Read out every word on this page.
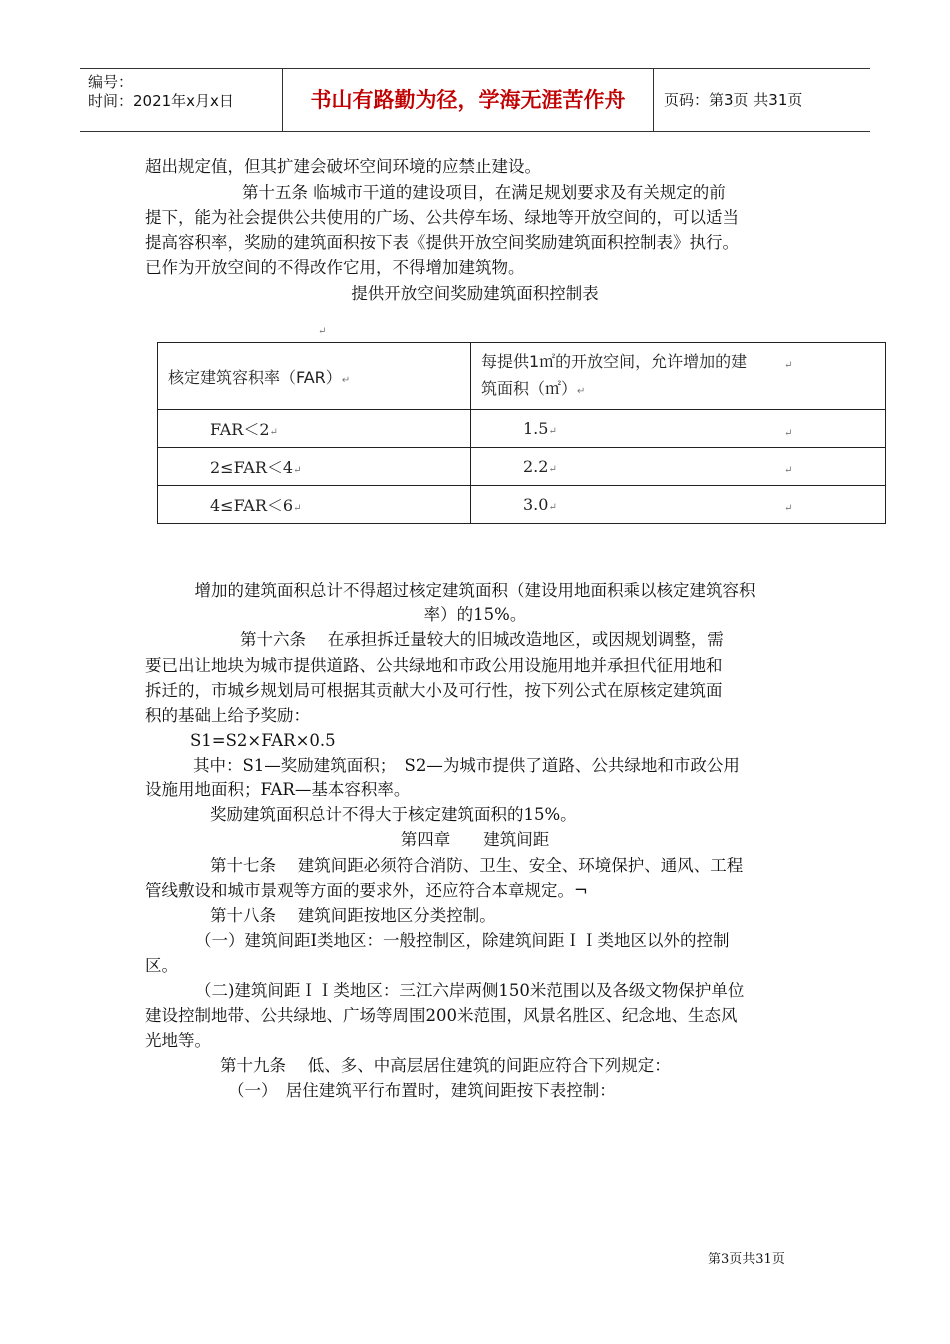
编号：
时间：2021年x月x日	书山有路勤为径，学海无涯苦作舟	页码：第3页 共31页
超出规定值，但其扩建会破坏空间环境的应禁止建设。
第十五条 临城市干道的建设项目，在满足规划要求及有关规定的前
提下，能为社会提供公共使用的广场、公共停车场、绿地等开放空间的，可以适当
提高容积率，奖励的建筑面积按下表《提供开放空间奖励建筑面积控制表》执行。
已作为开放空间的不得改作它用，不得增加建筑物。
提供开放空间奖励建筑面积控制表
↵
核定建筑容积率（FAR）↵	每提供1㎡的开放空间，允许增加的建
筑面积（㎡）↵

FAR＜2↵	1.5↵
2≤FAR＜4↵	2.2↵
4≤FAR＜6↵	3.0↵
↵
↵
↵
↵
增加的建筑面积总计不得超过核定建筑面积（建设用地面积乘以核定建筑容积
率）的15%。
第十六条　 在承担拆迁量较大的旧城改造地区，或因规划调整，需
要已出让地块为城市提供道路、公共绿地和市政公用设施用地并承担代征用地和
拆迁的，市城乡规划局可根据其贡献大小及可行性，按下列公式在原核定建筑面
积的基础上给予奖励：
S1=S2×FAR×0.5
其中：S1—奖励建筑面积；　S2—为城市提供了道路、公共绿地和市政公用
设施用地面积；FAR—基本容积率。
奖励建筑面积总计不得大于核定建筑面积的15%。
第四章　　建筑间距
第十七条　 建筑间距必须符合消防、卫生、安全、环境保护、通风、工程
管线敷设和城市景观等方面的要求外，还应符合本章规定。¬
第十八条　 建筑间距按地区分类控制。
（一）建筑间距Ⅰ类地区：一般控制区，除建筑间距ＩＩ类地区以外的控制
区。
（二)建筑间距ＩＩ类地区：三江六岸两侧150米范围以及各级文物保护单位
建设控制地带、公共绿地、广场等周围200米范围，风景名胜区、纪念地、生态风
光地等。
第十九条　 低、多、中高层居住建筑的间距应符合下列规定：
（一）　居住建筑平行布置时，建筑间距按下表控制：
第3页共31页
